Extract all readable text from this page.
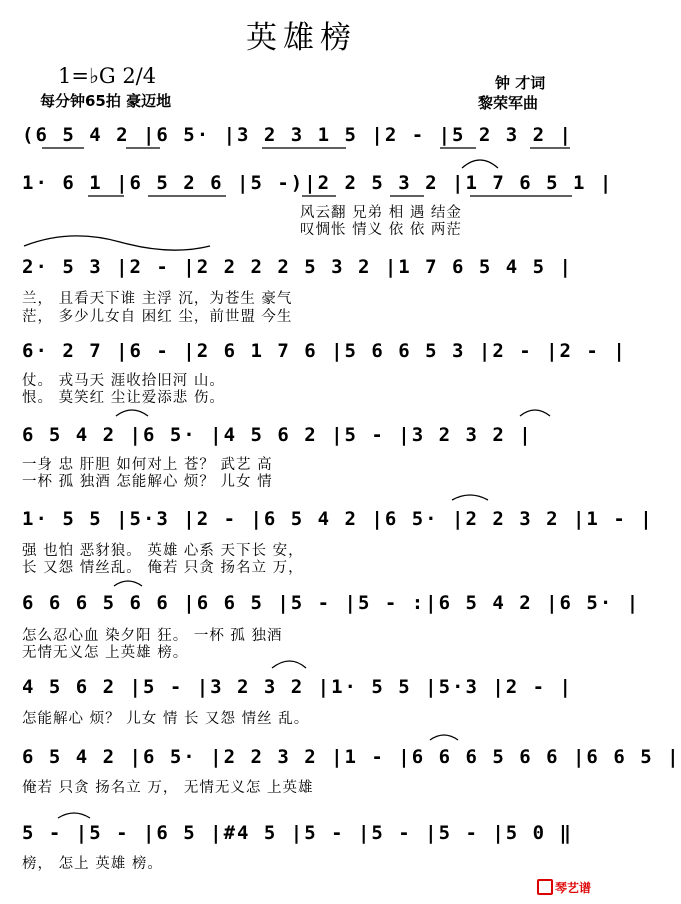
英雄榜
1=♭G 2/4
每分钟65拍 豪迈地
钟 才词
黎荣军曲
(6 5 4 2 |6 5· |3 2 3 1 5 |2 - |5 2 3 2 |
1· 6 1 |6 5 2 6 |5 -)|2 2 5 3 2 |1 7 6 5 1 |
风云翻 兄弟 相 遇 结金
叹惆怅 情义 依 依 两茫
2· 5 3 |2 - |2 2 2 2 5 3 2 |1 7 6 5 4 5 |
兰， 且看天下谁 主浮 沉，为苍生 豪气
茫， 多少儿女自 困红 尘，前世盟 今生
6· 2 7 |6 - |2 6 1 7 6 |5 6 6 5 3 |2 - |2 - |
仗。 戎马天 涯收拾旧河 山。
恨。 莫笑红 尘让爱添悲 伤。
6 5 4 2 |6 5· |4 5 6 2 |5 - |3 2 3 2 |
一身 忠 肝胆 如何对上 苍？ 武艺 高
一杯 孤 独酒 怎能解心 烦？ 儿女 情
1· 5 5 |5·3 |2 - |6 5 4 2 |6 5· |2 2 3 2 |1 - |
强 也怕 恶豺狼。 英雄 心系 天下长 安，
长 又怨 情丝乱。 俺若 只贪 扬名立 万，
6 6 6 5 6 6 |6 6 5 |5 - |5 - :|6 5 4 2 |6 5· |
怎么忍心血 染夕阳 狂。 一杯 孤 独酒
无情无义怎 上英雄 榜。
4 5 6 2 |5 - |3 2 3 2 |1· 5 5 |5·3 |2 - |
怎能解心 烦？ 儿女 情 长 又怨 情丝 乱。
6 5 4 2 |6 5· |2 2 3 2 |1 - |6 6 6 5 6 6 |6 6 5 |
俺若 只贪 扬名立 万， 无情无义怎 上英雄
5 - |5 - |6 5 |#4 5 |5 - |5 - |5 - |5 0 ‖
榜， 怎上 英雄 榜。
琴艺谱
